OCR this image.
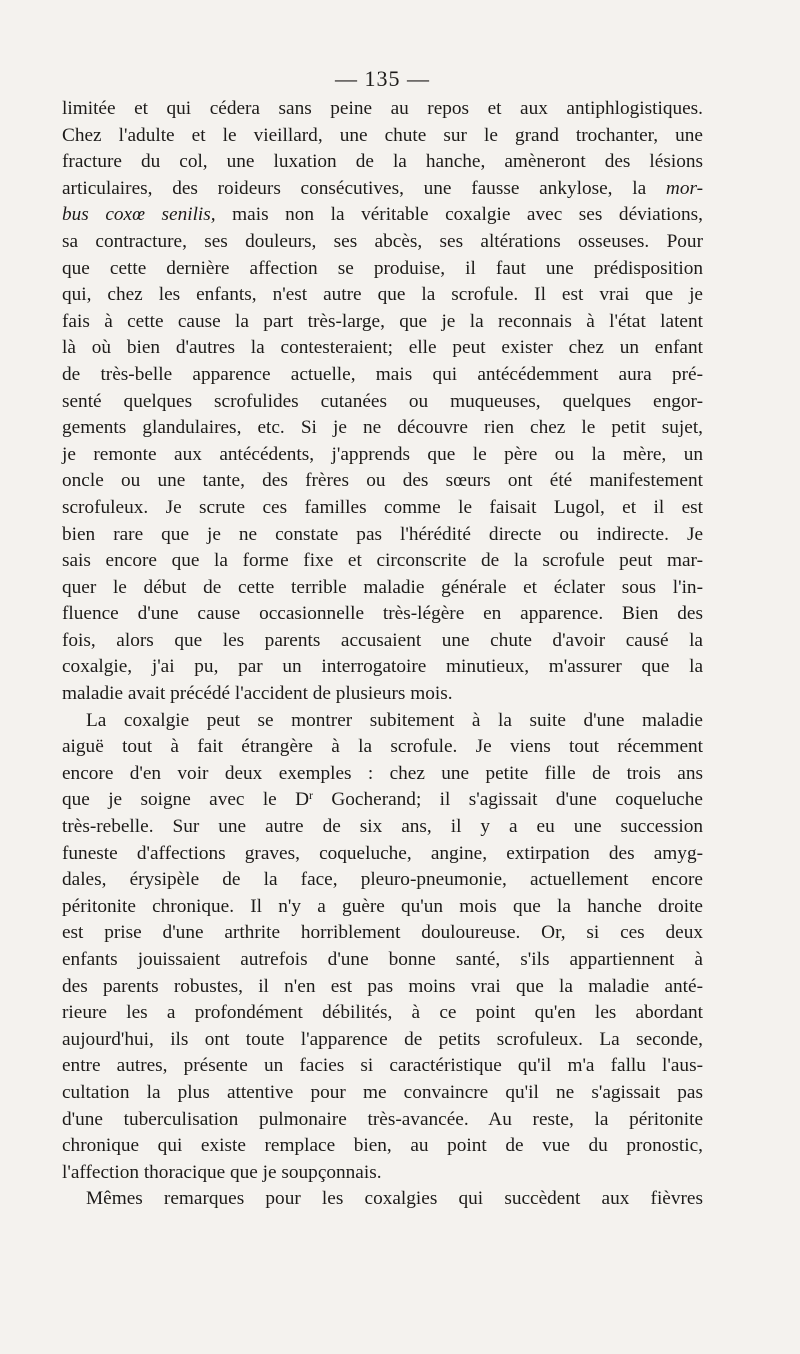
— 135 —

limitée et qui cédera sans peine au repos et aux antiphlogistiques.
Chez l'adulte et le vieillard, une chute sur le grand trochanter, une
fracture du col, une luxation de la hanche, amèneront des lésions
articulaires, des roideurs consécutives, une fausse ankylose, la mor-
bus coxœ senilis, mais non la véritable coxalgie avec ses déviations,
sa contracture, ses douleurs, ses abcès, ses altérations osseuses. Pour
que cette dernière affection se produise, il faut une prédisposition
qui, chez les enfants, n'est autre que la scrofule. Il est vrai que je
fais à cette cause la part très-large, que je la reconnais à l'état latent
là où bien d'autres la contesteraient; elle peut exister chez un enfant
de très-belle apparence actuelle, mais qui antécédemment aura pré-
senté quelques scrofulides cutanées ou muqueuses, quelques engor-
gements glandulaires, etc. Si je ne découvre rien chez le petit sujet,
je remonte aux antécédents, j'apprends que le père ou la mère, un
oncle ou une tante, des frères ou des sœurs ont été manifestement
scrofuleux. Je scrute ces familles comme le faisait Lugol, et il est
bien rare que je ne constate pas l'hérédité directe ou indirecte. Je
sais encore que la forme fixe et circonscrite de la scrofule peut mar-
quer le début de cette terrible maladie générale et éclater sous l'in-
fluence d'une cause occasionnelle très-légère en apparence. Bien des
fois, alors que les parents accusaient une chute d'avoir causé la
coxalgie, j'ai pu, par un interrogatoire minutieux, m'assurer que la
maladie avait précédé l'accident de plusieurs mois.

La coxalgie peut se montrer subitement à la suite d'une maladie
aiguë tout à fait étrangère à la scrofule. Je viens tout récemment
encore d'en voir deux exemples : chez une petite fille de trois ans
que je soigne avec le $D^r$ Gocherand; il s'agissait d'une coqueluche
très-rebelle. Sur une autre de six ans, il y a eu une succession
funeste d'affections graves, coqueluche, angine, extirpation des amyg-
dales, érysipèle de la face, pleuro-pneumonie, actuellement encore
péritonite chronique. Il n'y a guère qu'un mois que la hanche droite
est prise d'une arthrite horriblement douloureuse. Or, si ces deux
enfants jouissaient autrefois d'une bonne santé, s'ils appartiennent à
des parents robustes, il n'en est pas moins vrai que la maladie anté-
rieure les a profondément débilités, à ce point qu'en les abordant
aujourd'hui, ils ont toute l'apparence de petits scrofuleux. La seconde,
entre autres, présente un facies si caractéristique qu'il m'a fallu l'aus-
cultation la plus attentive pour me convaincre qu'il ne s'agissait pas
d'une tuberculisation pulmonaire très-avancée. Au reste, la péritonite
chronique qui existe remplace bien, au point de vue du pronostic,
l'affection thoracique que je soupçonnais.

Mêmes remarques pour les coxalgies qui succèdent aux fièvres
